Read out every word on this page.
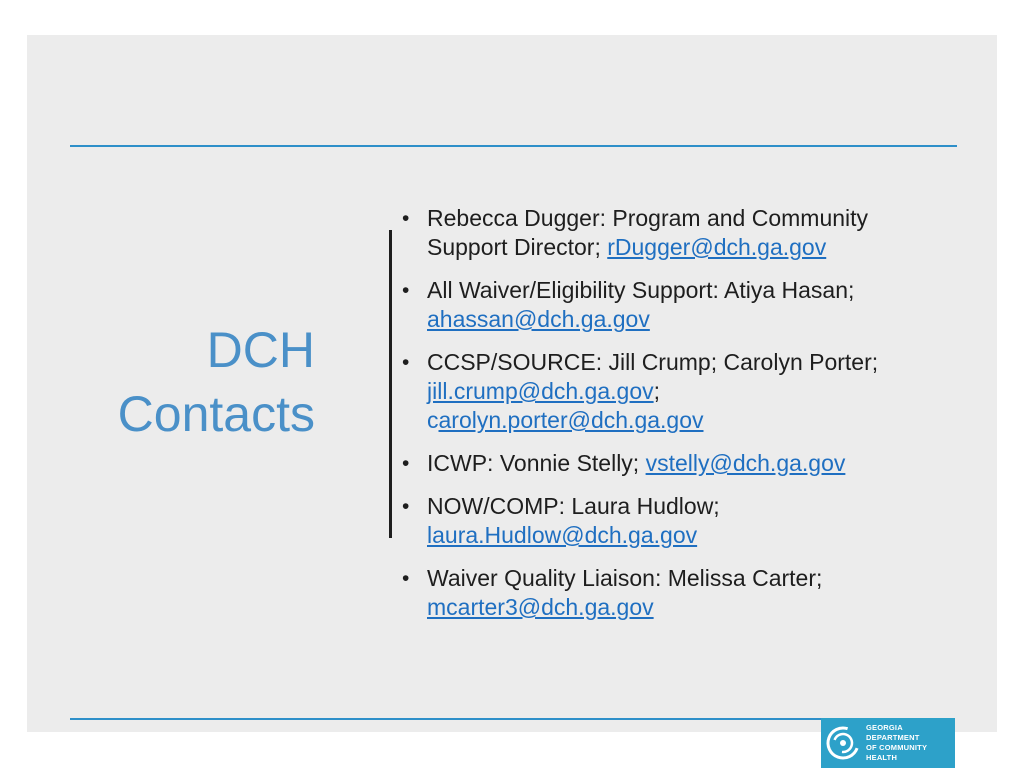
DCH
Contacts
• Rebecca Dugger: Program and Community Support Director; rDugger@dch.ga.gov
• All Waiver/Eligibility Support: Atiya Hasan;
ahassan@dch.ga.gov
• CCSP/SOURCE: Jill Crump; Carolyn Porter;
jill.crump@dch.ga.gov;
carolyn.porter@dch.ga.gov
• ICWP: Vonnie Stelly; vstelly@dch.ga.gov
• NOW/COMP: Laura Hudlow;
laura.Hudlow@dch.ga.gov
• Waiver Quality Liaison: Melissa Carter;
mcarter3@dch.ga.gov
GEORGIA DEPARTMENT
OF COMMUNITY HEALTH
